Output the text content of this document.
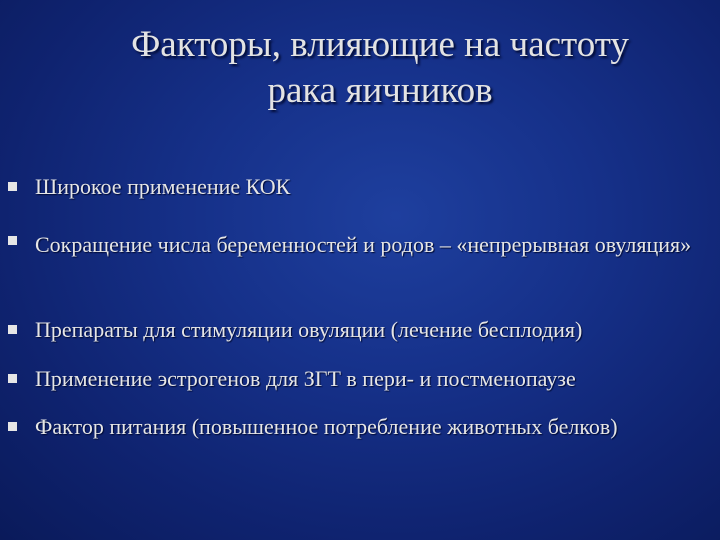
Факторы, влияющие на частоту
рака яичников
Широкое применение КОК
Сокращение числа беременностей и родов – «непрерывная овуляция»
Препараты для стимуляции овуляции (лечение бесплодия)
Применение эстрогенов для ЗГТ в пери- и постменопаузе
Фактор питания (повышенное потребление животных белков)
